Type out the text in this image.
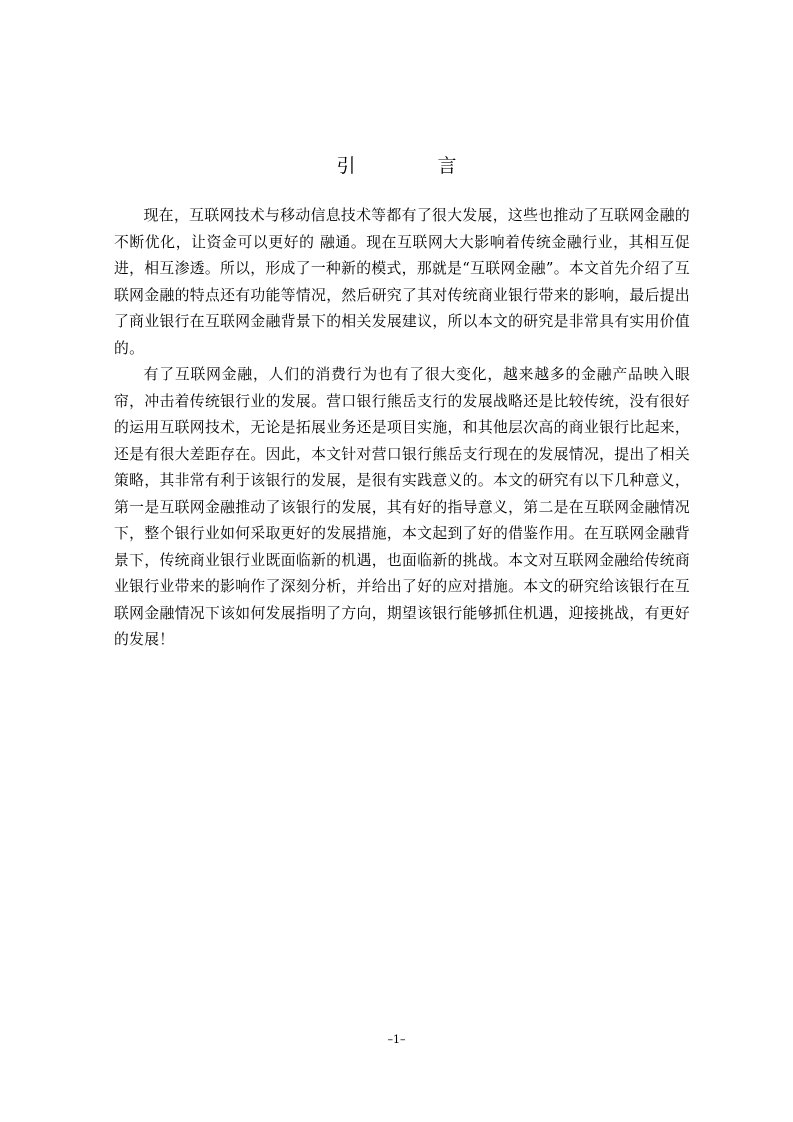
引 言

现在，互联网技术与移动信息技术等都有了很大发展，这些也推动了互联网金融的不断优化，让资金可以更好的 融通。现在互联网大大影响着传统金融行业，其相互促进，相互渗透。所以，形成了一种新的模式，那就是“互联网金融”。本文首先介绍了互联网金融的特点还有功能等情况，然后研究了其对传统商业银行带来的影响，最后提出了商业银行在互联网金融背景下的相关发展建议，所以本文的研究是非常具有实用价值的。

有了互联网金融，人们的消费行为也有了很大变化，越来越多的金融产品映入眼帘，冲击着传统银行业的发展。营口银行熊岳支行的发展战略还是比较传统，没有很好的运用互联网技术，无论是拓展业务还是项目实施，和其他层次高的商业银行比起来，还是有很大差距存在。因此，本文针对营口银行熊岳支行现在的发展情况，提出了相关策略，其非常有利于该银行的发展，是很有实践意义的。本文的研究有以下几种意义，第一是互联网金融推动了该银行的发展，其有好的指导意义，第二是在互联网金融情况下，整个银行业如何采取更好的发展措施，本文起到了好的借鉴作用。在互联网金融背景下，传统商业银行业既面临新的机遇，也面临新的挑战。本文对互联网金融给传统商业银行业带来的影响作了深刻分析，并给出了好的应对措施。本文的研究给该银行在互联网金融情况下该如何发展指明了方向，期望该银行能够抓住机遇，迎接挑战，有更好的发展！

–1–
